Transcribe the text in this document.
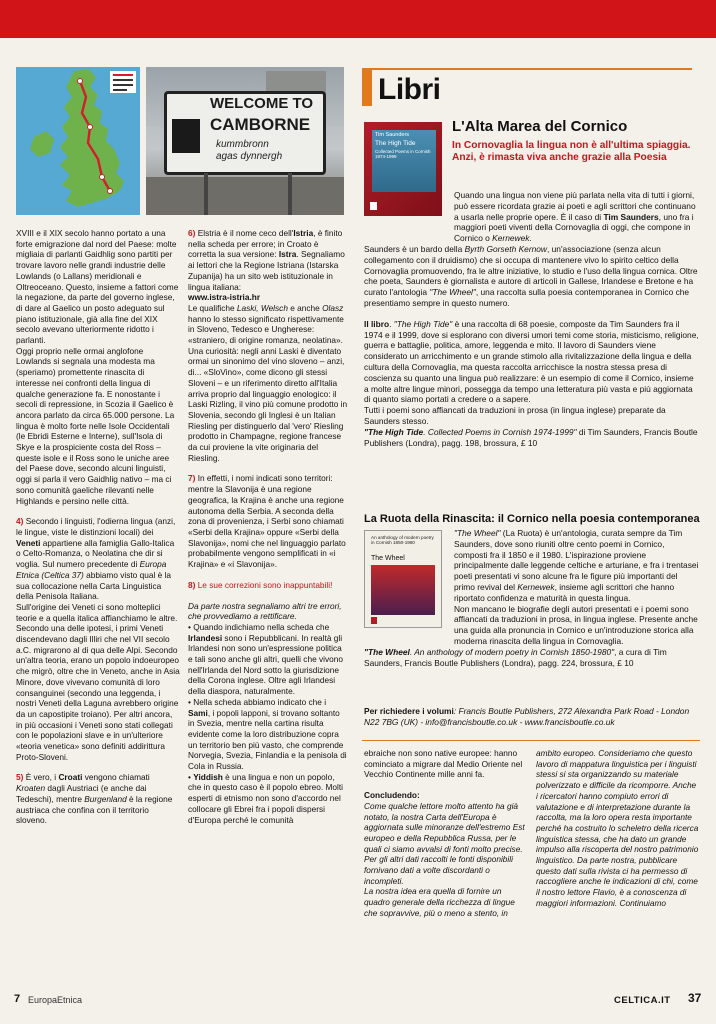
WELCOME TO
CAMBORNE
kummbronn
agas dynnergh

XVIII e il XIX secolo hanno portato a una forte emigrazione dal nord del Paese: molte migliaia di parlanti Gaidhlig sono partiti per trovare lavoro nelle grandi industrie delle Lowlands (o Lallans) meridionali e Oltreoceano. Questo, insieme a fattori come la negazione, da parte del governo inglese, di dare al Gaelico un posto adeguato sul piano istituzionale, già alla fine del XIX secolo avevano ulteriormente ridotto i parlanti.

Oggi proprio nelle ormai anglofone Lowlands si segnala una modesta ma (speriamo) promettente rinascita di interesse nei confronti della lingua di qualche generazione fa. E nonostante i secoli di repressione, in Scozia il Gaelico è ancora parlato da circa 65.000 persone. La lingua è molto forte nelle Isole Occidentali (le Ebridi Esterne e Interne), sull'Isola di Skye e la prospiciente costa del Ross – queste isole e il Ross sono le uniche aree del Paese dove, secondo alcuni linguisti, oggi si parla il vero Gaidhlig nativo – ma ci sono comunità gaeliche rilevanti nelle Highlands e persino nelle città.

4) Secondo i linguisti, l'odierna lingua (anzi, le lingue, viste le distinzioni locali) dei Veneti appartiene alla famiglia Gallo-Italica o Celto-Romanza, o Neolatina che dir si voglia. Sul numero precedente di Europa Etnica (Celtica 37) abbiamo visto qual è la sua collocazione nella Carta Linguistica della Penisola Italiana.

Sull'origine dei Veneti ci sono molteplici teorie e a quella italica affianchiamo le altre. Secondo una delle ipotesi, i primi Veneti discendevano dagli Illiri che nel VII secolo a.C. migrarono al di qua delle Alpi. Secondo un'altra teoria, erano un popolo indoeuropeo che migrò, oltre che in Veneto, anche in Asia Minore, dove vivevano comunità di loro consanguinei (secondo una leggenda, i nostri Veneti della Laguna avrebbero origine da un capostipite troiano). Per altri ancora, in più occasioni i Veneti sono stati collegati con le popolazioni slave e in un'ulteriore «teoria venetica» sono definiti addirittura Proto-Sloveni.

5) È vero, i Croati vengono chiamati Kroaten dagli Austriaci (e anche dai Tedeschi), mentre Burgenland è la regione austriaca che confina con il territorio sloveno.

6) Elstria è il nome ceco dell'Istria, è finito nella scheda per errore; in Croato è corretta la sua versione: Istra. Segnaliamo ai lettori che la Regione Istriana (Istarska Zupanija) ha un sito web istituzionale in lingua italiana:

www.istra-istria.hr

Le qualifiche Laski, Welsch e anche Olasz hanno lo stesso significato rispettivamente in Sloveno, Tedesco e Ungherese: «straniero, di origine romanza, neolatina».

Una curiosità: negli anni Laski è diventato ormai un sinonimo del vino sloveno – anzi, di... «SloVino», come dicono gli stessi Sloveni – e un riferimento diretto all'Italia arriva proprio dal linguaggio enologico: il Laski Rizling, il vino più comune prodotto in Slovenia, secondo gli Inglesi è un Italian Riesling per distinguerlo dal 'vero' Riesling prodotto in Champagne, regione francese da cui proviene la vite originaria del Riesling.

7) In effetti, i nomi indicati sono territori: mentre la Slavonija è una regione geografica, la Krajina è anche una regione autonoma della Serbia. A seconda della zona di provenienza, i Serbi sono chiamati «Serbi della Krajina» oppure «Serbi della Slavonija», nomi che nel linguaggio parlato probabilmente vengono semplificati in «i Krajina» e «i Slavonija».

8) Le sue correzioni sono inappuntabili!

Da parte nostra segnaliamo altri tre errori, che provvediamo a rettificare.

• Quando indichiamo nella scheda che Irlandesi sono i Repubblicani. In realtà gli Irlandesi non sono un'espressione politica e tali sono anche gli altri, quelli che vivono nell'Irlanda del Nord sotto la giurisdizione della Corona inglese. Oltre agli Irlandesi della diaspora, naturalmente.

• Nella scheda abbiamo indicato che i Sami, i popoli lapponi, si trovano soltanto in Svezia, mentre nella cartina risulta evidente come la loro distribuzione copra un territorio ben più vasto, che comprende Norvegia, Svezia, Finlandia e la penisola di Cola in Russia.

• Yiddish è una lingua e non un popolo, che in questo caso è il popolo ebreo. Molti esperti di etnismo non sono d'accordo nel collocare gli Ebrei fra i popoli dispersi d'Europa perché le comunità

Libri
Tim Saunders
The High Tide
Collected Poems in Cornish 1974-1999
L'Alta Marea del Cornico
In Cornovaglia la lingua non è all'ultima spiaggia. Anzi, è rimasta viva anche grazie alla Poesia

Quando una lingua non viene più parlata nella vita di tutti i giorni, può essere ricordata grazie ai poeti e agli scrittori che continuano a usarla nelle proprie opere. È il caso di Tim Saunders, uno fra i maggiori poeti viventi della Cornovaglia di oggi, che compone in Cornico o Kernewek.

Saunders è un bardo della Byrth Gorseth Kernow, un'associazione (senza alcun collegamento con il druidismo) che si occupa di mantenere vivo lo spirito celtico della Cornovaglia promuovendo, fra le altre iniziative, lo studio e l'uso della lingua cornica. Oltre che poeta, Saunders è giornalista e autore di articoli in Gallese, Irlandese e Bretone e ha curato l'antologia "The Wheel", una raccolta sulla poesia contemporanea in Cornico che presentiamo sempre in questo numero.

Il libro. "The High Tide" è una raccolta di 68 poesie, composte da Tim Saunders fra il 1974 e il 1999, dove si esplorano con diversi umori temi come storia, misticismo, religione, guerra e battaglie, politica, amore, leggenda e mito. Il lavoro di Saunders viene considerato un arricchimento e un grande stimolo alla rivitalizzazione della lingua e della cultura della Cornovaglia, ma questa raccolta arricchisce la nostra stessa presa di coscienza su quanto una lingua può realizzare: è un esempio di come il Cornico, insieme a molte altre lingue minori, possegga da tempo una letteratura più vasta e più aggiornata di quanto siamo portati a credere o a sapere.

Tutti i poemi sono affiancati da traduzioni in prosa (in lingua inglese) preparate da Saunders stesso.

"The High Tide. Collected Poems in Cornish 1974-1999" di Tim Saunders, Francis Boutle Publishers (Londra), pagg. 198, brossura, £ 10

La Ruota della Rinascita: il Cornico nella poesia contemporanea
An anthology of modern poetry in Cornish 1850-1980
The Wheel

"The Wheel" (La Ruota) è un'antologia, curata sempre da Tim Saunders, dove sono riuniti oltre cento poemi in Cornico, composti fra il 1850 e il 1980. L'ispirazione proviene principalmente dalle leggende celtiche e arturiane, e fra i trentasei poeti presentati vi sono alcune fra le figure più importanti del primo revival del Kernewek, insieme agli scrittori che hanno riportato confidenza e maturità in questa lingua.

Non mancano le biografie degli autori presentati e i poemi sono affiancati da traduzioni in prosa, in lingua inglese. Presente anche una guida alla pronuncia in Cornico e un'introduzione storica alla moderna rinascita della lingua in Cornovaglia.

"The Wheel. An anthology of modern poetry in Cornish 1850-1980", a cura di Tim Saunders, Francis Boutle Publishers (Londra), pagg. 224, brossura, £ 10

Per richiedere i volumi: Francis Boutle Publishers, 272 Alexandra Park Road - London N22 7BG (UK) - info@francisboutle.co.uk - www.francisboutle.co.uk

ebraiche non sono native europee: hanno cominciato a migrare dal Medio Oriente nel Vecchio Continente mille anni fa.

Concludendo:

Come qualche lettore molto attento ha già notato, la nostra Carta dell'Europa è aggiornata sulle minoranze dell'estremo Est europeo e della Repubblica Russa, per le quali ci siamo avvalsi di fonti molto precise. Per gli altri dati raccolti le fonti disponibili fornivano dati a volte discordanti o incompleti.

La nostra idea era quella di fornire un quadro generale della ricchezza di lingue che sopravvive, più o meno a stento, in

ambito europeo. Consideriamo che questo lavoro di mappatura linguistica per i linguisti stessi si sta organizzando su materiale polverizzato e difficile da ricomporre. Anche i ricercatori hanno compiuto errori di valutazione e di interpretazione durante la raccolta, ma la loro opera resta importante perché ha costruito lo scheletro della ricerca linguistica stessa, che ha dato un grande impulso alla riscoperta del nostro patrimonio linguistico. Da parte nostra, pubblicare questo dati sulla rivista ci ha permesso di raccogliere anche le indicazioni di chi, come il nostro lettore Flavio, è a conoscenza di maggiori informazioni. Continuiamo
7 EuropaEtnica	CELTICA.IT 37
